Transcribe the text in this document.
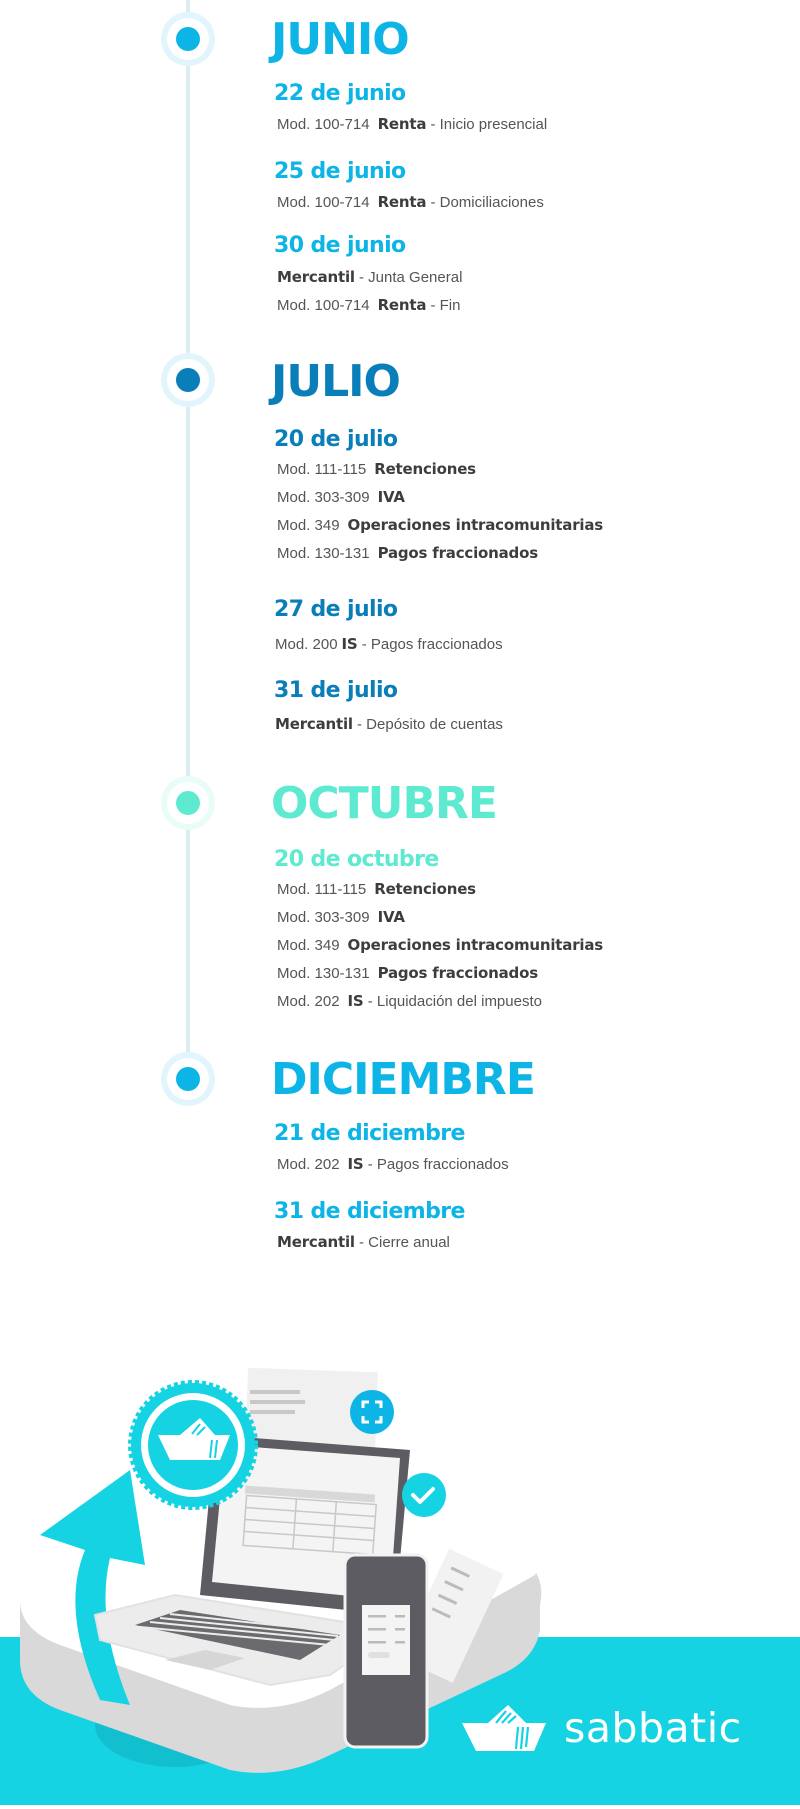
JUNIO
22 de junio
Mod. 100-714 Renta - Inicio presencial
25 de junio
Mod. 100-714 Renta - Domiciliaciones
30 de junio
Mercantil - Junta General
Mod. 100-714 Renta - Fin
JULIO
20 de julio
Mod. 111-115 Retenciones
Mod. 303-309 IVA
Mod. 349 Operaciones intracomunitarias
Mod. 130-131 Pagos fraccionados
27 de julio
Mod. 200 IS - Pagos fraccionados
31 de julio
Mercantil - Depósito de cuentas
OCTUBRE
20 de octubre
Mod. 111-115 Retenciones
Mod. 303-309 IVA
Mod. 349 Operaciones intracomunitarias
Mod. 130-131 Pagos fraccionados
Mod. 202 IS - Liquidación del impuesto
DICIEMBRE
21 de diciembre
Mod. 202 IS - Pagos fraccionados
31 de diciembre
Mercantil - Cierre anual
sabbatic
